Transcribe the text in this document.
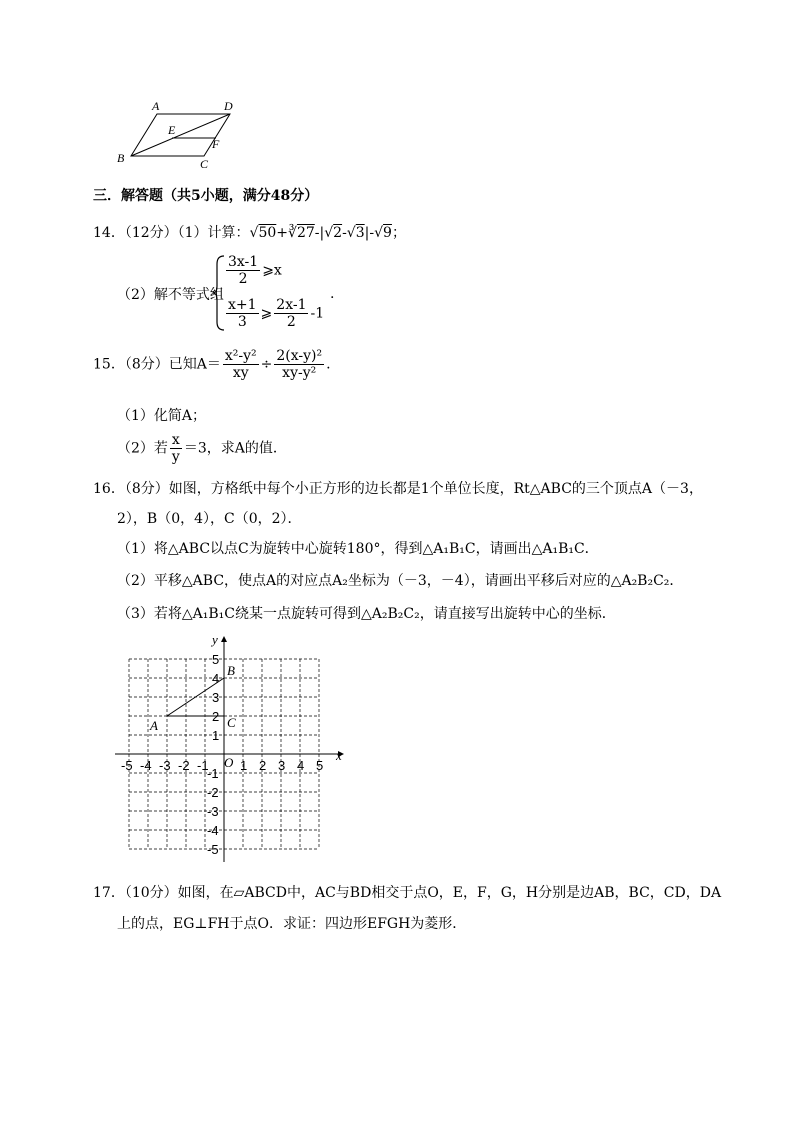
A	D
E
F
B	C
三．解答题（共5小题，满分48分）
14．（12分）（1）计算：√50+∛27-|√2-√3|-√9；
（2）解不等式组
$\frac{3x-1}{2}$ ⩾x
$\frac{x+1}{3}$ ⩾ $\frac{2x-1}{2} -1$
.
15．（8分）已知$A= \frac{\text{x²-y²}}{xy} \div \frac{\text{2(x-y)²}}{\text{xy-y²}}$ .
（1）化简A；
（2）若 $\frac{x}{y} =3$，求A的值．
16．（8分）如图，方格纸中每个小正方形的边长都是1个单位长度，Rt△ABC的三个顶点A（－3，
2），B（0，4），C（0，2）．
（1）将△ABC以点C为旋转中心旋转180°，得到△A₁B₁C，请画出△A₁B₁C．
（2）平移△ABC，使点A的对应点A₂坐标为（－3，－4），请画出平移后对应的△A₂B₂C₂．
（3）若将△A₁B₁C绕某一点旋转可得到△A₂B₂C₂，请直接写出旋转中心的坐标．
x
y
O
A
B
C
-5 -4 -3 -2 -1 1 2 3 4 5
5
4
3
2
1
-1
-2
-3
-4
-5
17．（10分）如图，在▱ABCD中，AC与BD相交于点O，E，F，G，H分别是边AB，BC，CD，DA
上的点，EG⊥FH于点O．求证：四边形EFGH为菱形．
